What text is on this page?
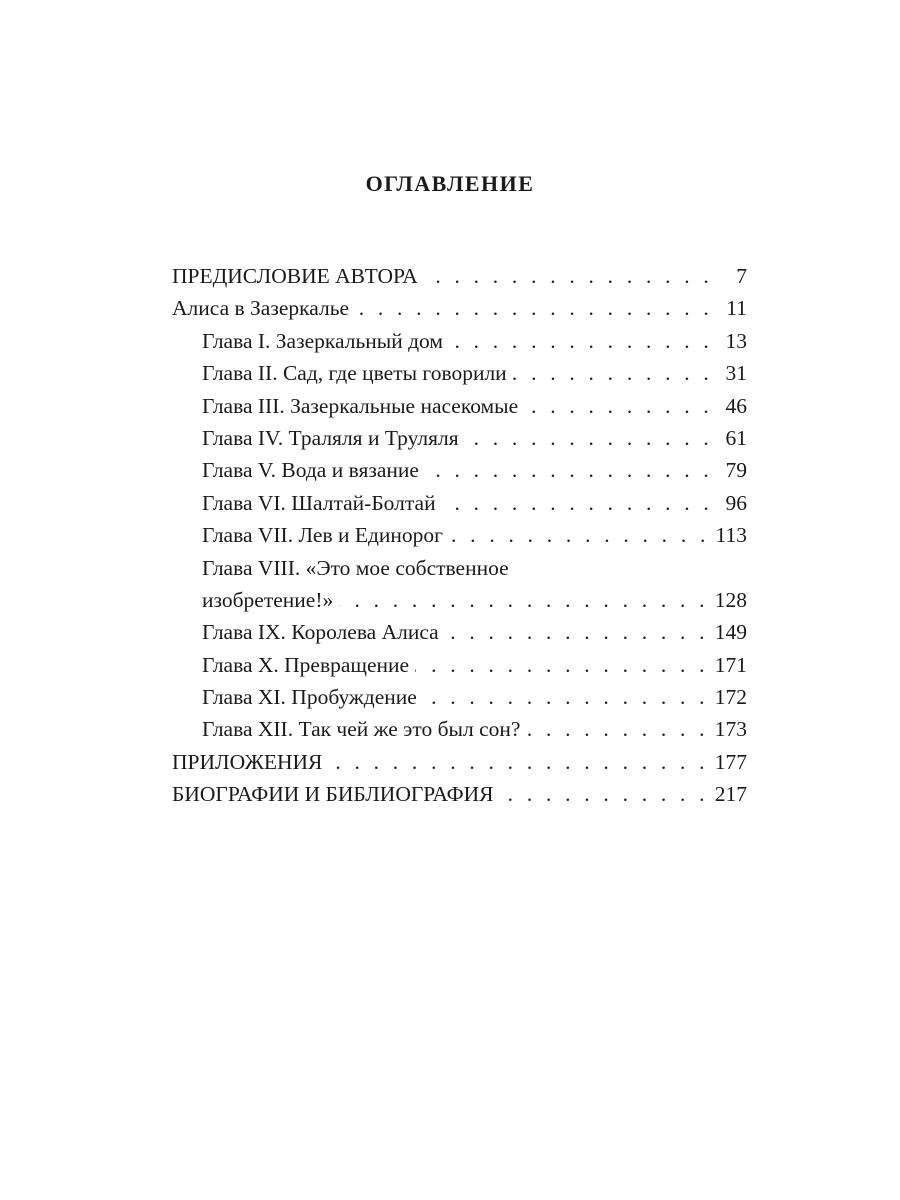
оглавление
ПРЕДИСЛОВИЕ АВТОРА . . .	7
Алиса в Зазеркалье . . .	11
Глава I. Зазеркальный дом . . .	13
Глава II. Сад, где цветы говорили . . .	31
Глава III. Зазеркальные насекомые . . .	46
Глава IV. Траляля и Труляля . . .	61
Глава V. Вода и вязание . . .	79
Глава VI. Шалтай-Болтай . . .	96
Глава VII. Лев и Единорог . . .	113
Глава VIII. «Это мое собственное
изобретение!» . . .	128
Глава IX. Королева Алиса . . .	149
Глава X. Превращение . . .	171
Глава XI. Пробуждение . . .	172
Глава XII. Так чей же это был сон? . . .	173
ПРИЛОЖЕНИЯ . . .	177
БИОГРАФИИ И БИБЛИОГРАФИЯ . . .	217
